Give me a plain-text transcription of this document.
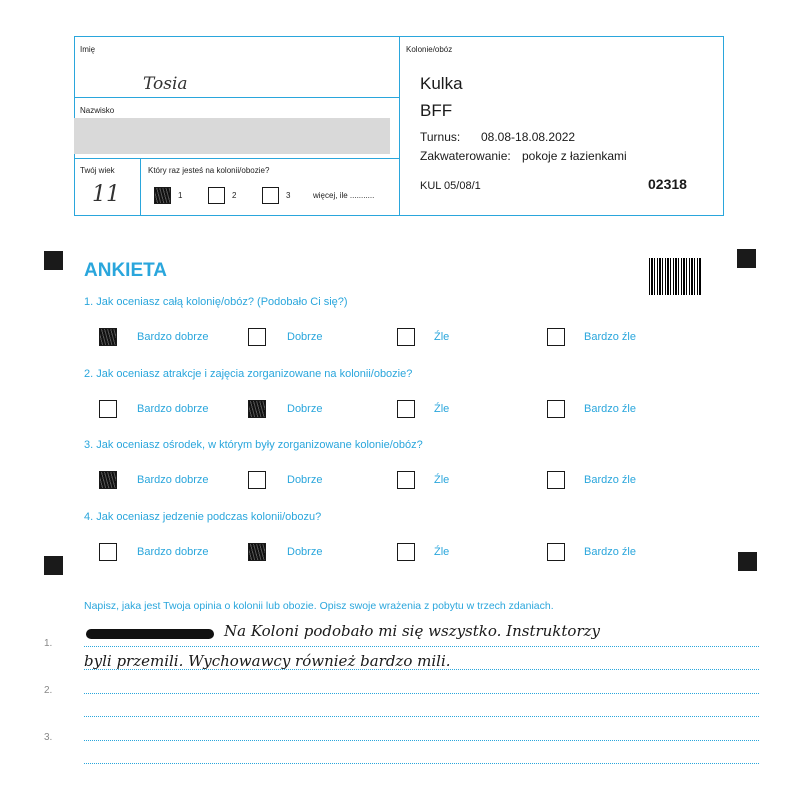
Imię
Tosia
Nazwisko
Twój wiek
11
Który raz jesteś na kolonii/obozie?
1	2	3	więcej, ile ...........
Kolonie/obóz
Kulka
BFF
Turnus: 08.08-18.08.2022
Zakwaterowanie: pokoje z łazienkami
KUL 05/08/1	02318
ANKIETA
1. Jak oceniasz całą kolonię/obóz? (Podobało Ci się?)
2. Jak oceniasz atrakcje i zajęcia zorganizowane na kolonii/obozie?
3. Jak oceniasz ośrodek, w którym były zorganizowane kolonie/obóz?
4. Jak oceniasz jedzenie podczas kolonii/obozu?
Bardzo dobrze	Dobrze	Źle	Bardzo źle
Bardzo dobrze	Dobrze	Źle	Bardzo źle
Bardzo dobrze	Dobrze	Źle	Bardzo źle
Bardzo dobrze	Dobrze	Źle	Bardzo źle
Napisz, jaka jest Twoja opinia o kolonii lub obozie. Opisz swoje wrażenia z pobytu w trzech zdaniach.
1.
2.
3.
Na Koloni podobało mi się wszystko. Instruktorzy
byli przemili. Wychowawcy również bardzo mili.
